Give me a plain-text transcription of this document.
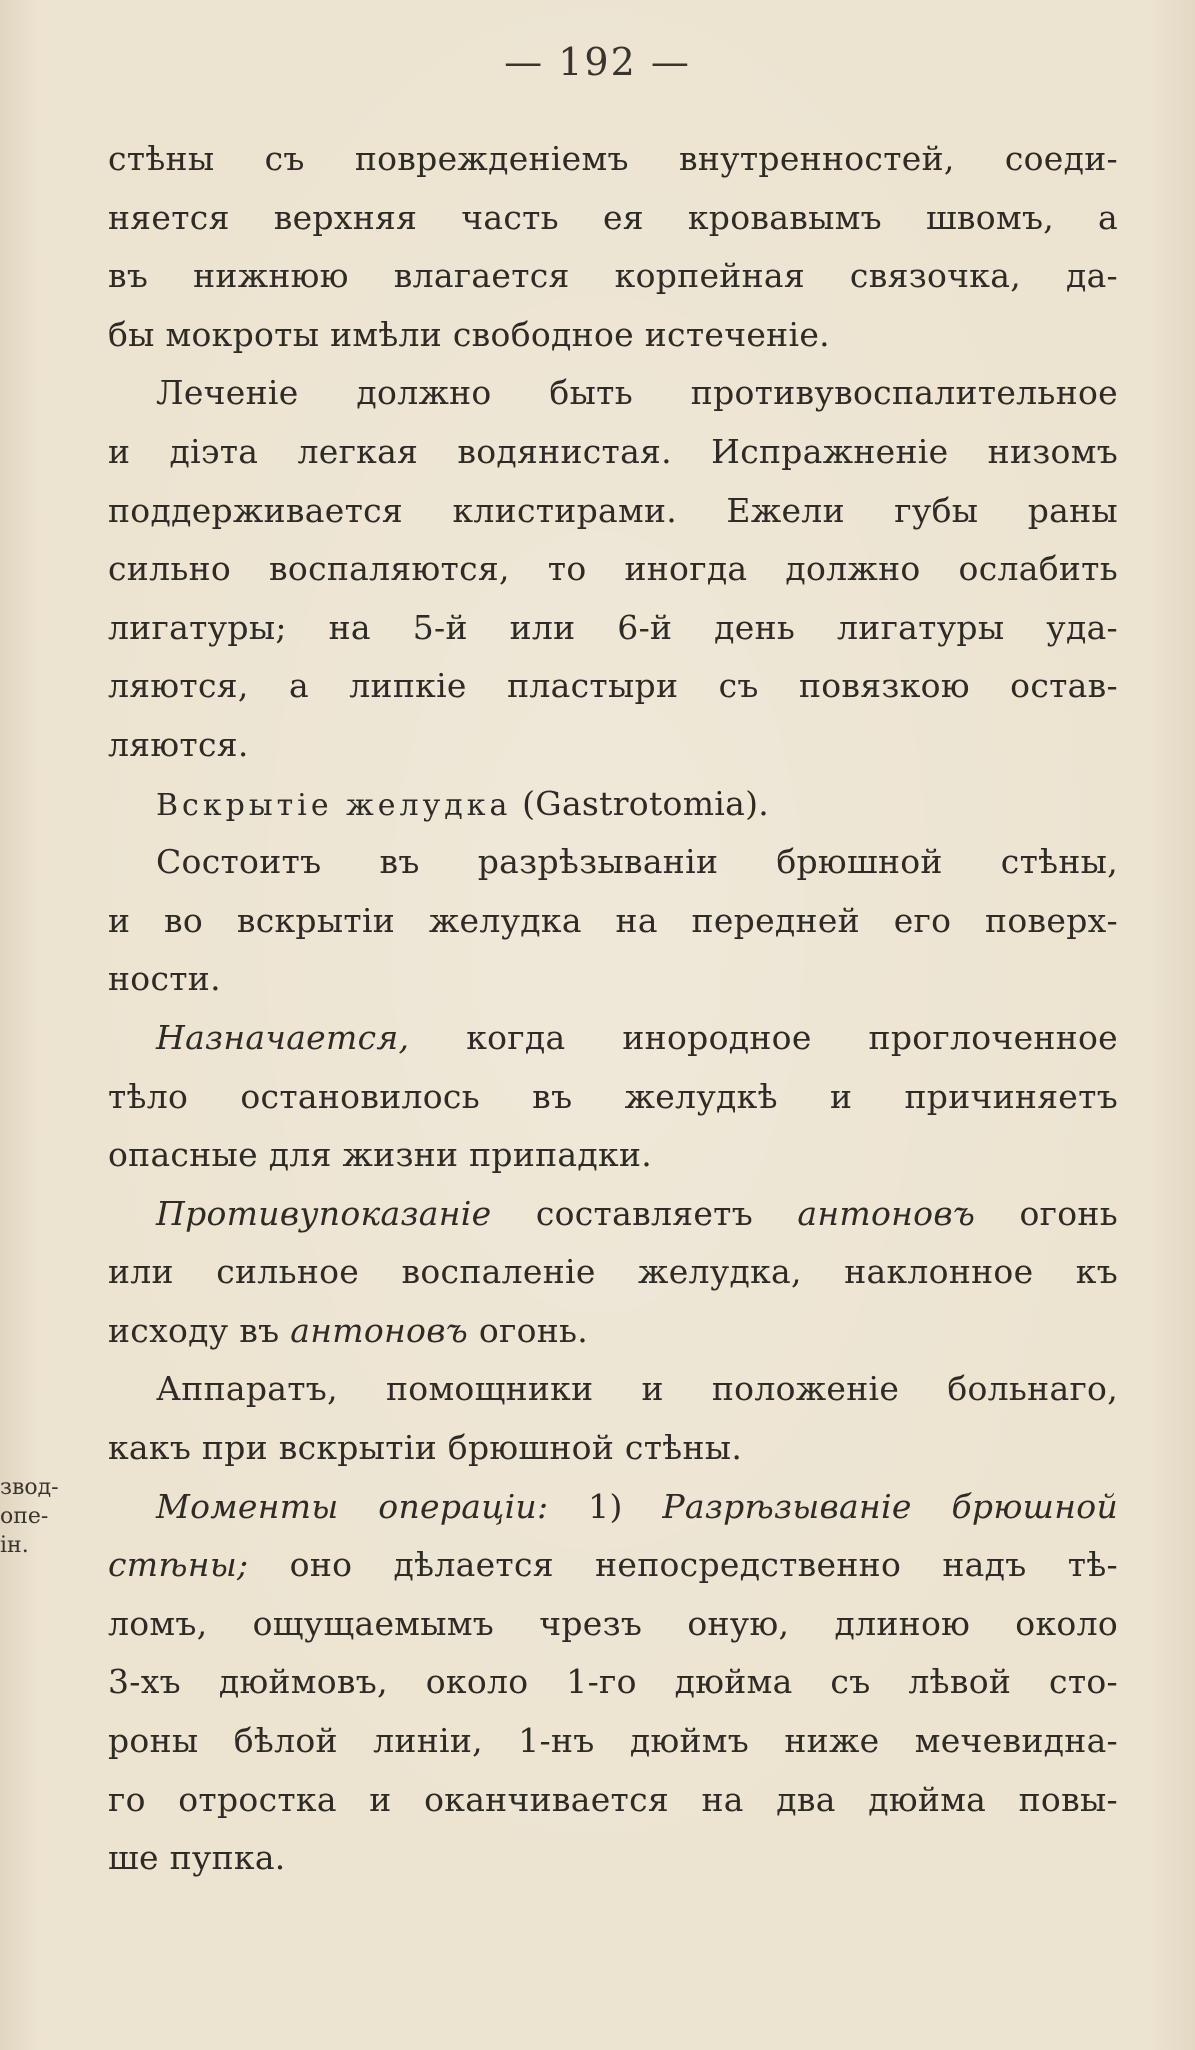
— 192 —
стѣны съ поврежденіемъ внутренностей, соеди-
няется верхняя часть ея кровавымъ швомъ, а
въ нижнюю влагается корпейная связочка, да-
бы мокроты имѣли свободное истеченіе.
Леченіе должно быть противувоспалительное
и діэта легкая водянистая. Испражненіе низомъ
поддерживается клистирами. Ежели губы раны
сильно воспаляются, то иногда должно ослабить
лигатуры; на 5-й или 6-й день лигатуры уда-
ляются, а липкіе пластыри съ повязкою остав-
ляются.
Вскрытіе желудка (Gastrotomia).
Состоитъ въ разрѣзываніи брюшной стѣны,
и во вскрытіи желудка на передней его поверх-
ности.
Назначается, когда инородное проглоченное
тѣло остановилось въ желудкѣ и причиняетъ
опасные для жизни припадки.
Противупоказаніе составляетъ антоновъ огонь
или сильное воспаленіе желудка, наклонное къ
исходу въ антоновъ огонь.
Аппаратъ, помощники и положеніе больнаго,
какъ при вскрытіи брюшной стѣны.
Моменты операціи: 1) Разрѣзываніе брюшной
стѣны; оно дѣлается непосредственно надъ тѣ-
ломъ, ощущаемымъ чрезъ оную, длиною около
3-хъ дюймовъ, около 1-го дюйма съ лѣвой сто-
роны бѣлой линіи, 1-нъ дюймъ ниже мечевидна-
го отростка и оканчивается на два дюйма повы-
ше пупка.
звод-
опе-
ін.
